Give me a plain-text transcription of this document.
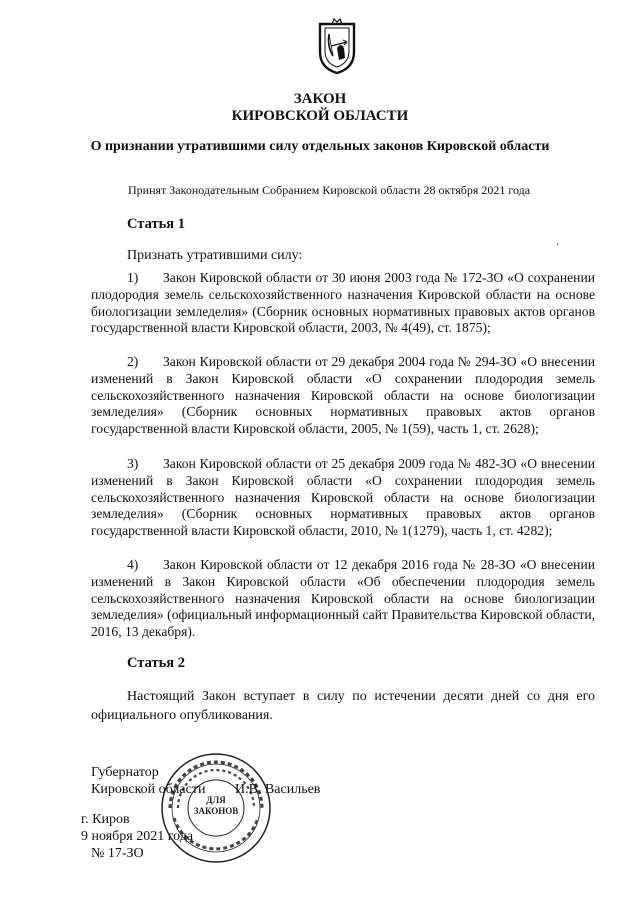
ЗАКОН
КИРОВСКОЙ ОБЛАСТИ
О признании утратившими силу отдельных законов Кировской области
Принят Законодательным Собранием Кировской области 28 октября 2021 года
Статья 1
Признать утратившими силу:
·
1) Закон Кировской области от 30 июня 2003 года № 172-ЗО «О сохранении плодородия земель сельскохозяйственного назначения Кировской области на основе биологизации земледелия» (Сборник основных нормативных правовых актов органов государственной власти Кировской области, 2003, № 4(49), ст. 1875);
2) Закон Кировской области от 29 декабря 2004 года № 294-ЗО «О внесении изменений в Закон Кировской области «О сохранении плодородия земель сельскохозяйственного назначения Кировской области на основе биологизации земледелия» (Сборник основных нормативных правовых актов органов государственной власти Кировской области, 2005, № 1(59), часть 1, ст. 2628);
3) Закон Кировской области от 25 декабря 2009 года № 482-ЗО «О внесении изменений в Закон Кировской области «О сохранении плодородия земель сельскохозяйственного назначения Кировской области на основе биологизации земледелия» (Сборник основных нормативных правовых актов органов государственной власти Кировской области, 2010, № 1(1279), часть 1, ст. 4282);
4) Закон Кировской области от 12 декабря 2016 года № 28-ЗО «О внесении изменений в Закон Кировской области «Об обеспечении плодородия земель сельскохозяйственного назначения Кировской области на основе биологизации земледелия» (официальный информационный сайт Правительства Кировской области, 2016, 13 декабря).
Статья 2
Настоящий Закон вступает в силу по истечении десяти дней со дня его официального опубликования.
ДЛЯ
ЗАКОНОВ
Губернатор
Кировской области И.В. Васильев
г. Киров
9 ноября 2021 года
№ 17-ЗО
